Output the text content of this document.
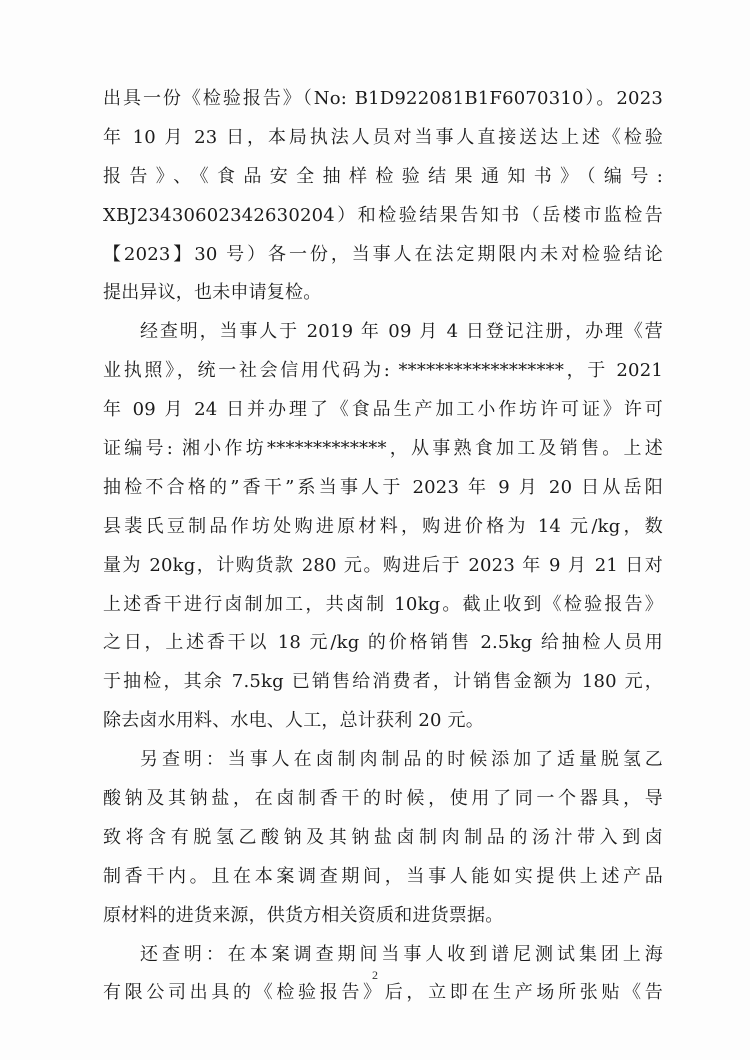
出具一份《检验报告》（No: B1D922081B1F6070310）。2023
年 10 月 23 日，本局执法人员对当事人直接送达上述《检验
报告》、《食品安全抽样检验结果通知书》（编号:
XBJ23430602342630204）和检验结果告知书（岳楼市监检告
【2023】30 号）各一份，当事人在法定期限内未对检验结论
提出异议，也未申请复检。
经查明，当事人于 2019 年 09 月 4 日登记注册，办理《营
业执照》，统一社会信用代码为: ******************，于 2021
年 09 月 24 日并办理了《食品生产加工小作坊许可证》许可
证编号: 湘小作坊*************，从事熟食加工及销售。上述
抽检不合格的”香干”系当事人于 2023 年 9 月 20 日从岳阳
县裴氏豆制品作坊处购进原材料，购进价格为 14 元/kg，数
量为 20kg，计购货款 280 元。购进后于 2023 年 9 月 21 日对
上述香干进行卤制加工，共卤制 10kg。截止收到《检验报告》
之日，上述香干以 18 元/kg 的价格销售 2.5kg 给抽检人员用
于抽检，其余 7.5kg 已销售给消费者，计销售金额为 180 元，
除去卤水用料、水电、人工，总计获利 20 元。
另查明：当事人在卤制肉制品的时候添加了适量脱氢乙
酸钠及其钠盐，在卤制香干的时候，使用了同一个器具，导
致将含有脱氢乙酸钠及其钠盐卤制肉制品的汤汁带入到卤
制香干内。且在本案调查期间，当事人能如实提供上述产品
原材料的进货来源，供货方相关资质和进货票据。
还查明：在本案调查期间当事人收到谱尼测试集团上海
有限公司出具的《检验报告》后，立即在生产场所张贴《告
2
